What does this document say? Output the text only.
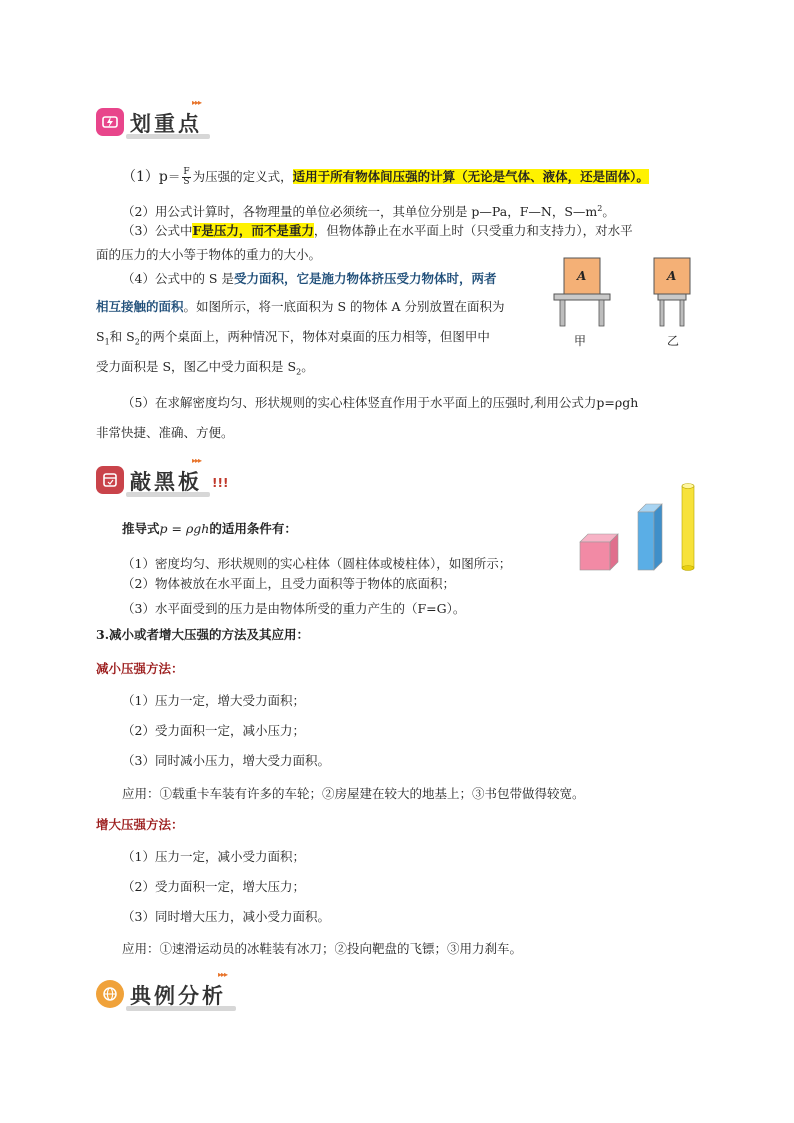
▸▸▸
划重点
$(1)p= \frac{F}{S}$ 为压强的定义式，适用于所有物体间压强的计算（无论是气体、液体，还是固体）。
（2）用公式计算时，各物理量的单位必须统一，其单位分别是 p—Pa，F—N，$S—m^2$。
（3）公式中F是压力，而不是重力，但物体静止在水平面上时（只受重力和支持力），对水平
面的压力的大小等于物体的重力的大小。
（4）公式中的 S 是受力面积，它是施力物体挤压受力物体时，两者
相互接触的面积。如图所示，将一底面积为 S 的物体 A 分别放置在面积为
$S_1$和 $S_2$的两个桌面上，两种情况下，物体对桌面的压力相等，但图甲中
受力面积是 S，图乙中受力面积是 $S_2$。
A	A
甲	乙
（5）在求解密度均匀、形状规则的实心柱体竖直作用于水平面上的压强时,利用公式力p=ρgh
非常快捷、准确、方便。
▸▸▸
敲黑板 !!!
推导式p = ρgh的适用条件有：
（1）密度均匀、形状规则的实心柱体（圆柱体或棱柱体），如图所示；
（2）物体被放在水平面上，且受力面积等于物体的底面积；
（3）水平面受到的压力是由物体所受的重力产生的（F=G）。
3.减小或者增大压强的方法及其应用：
减小压强方法：
（1）压力一定，增大受力面积；
（2）受力面积一定，减小压力；
（3）同时减小压力，增大受力面积。
应用：①载重卡车装有许多的车轮；②房屋建在较大的地基上；③书包带做得较宽。
增大压强方法：
（1）压力一定，减小受力面积；
（2）受力面积一定，增大压力；
（3）同时增大压力，减小受力面积。
应用：①速滑运动员的冰鞋装有冰刀；②投向靶盘的飞镖；③用力刹车。
▸▸▸
典例分析
